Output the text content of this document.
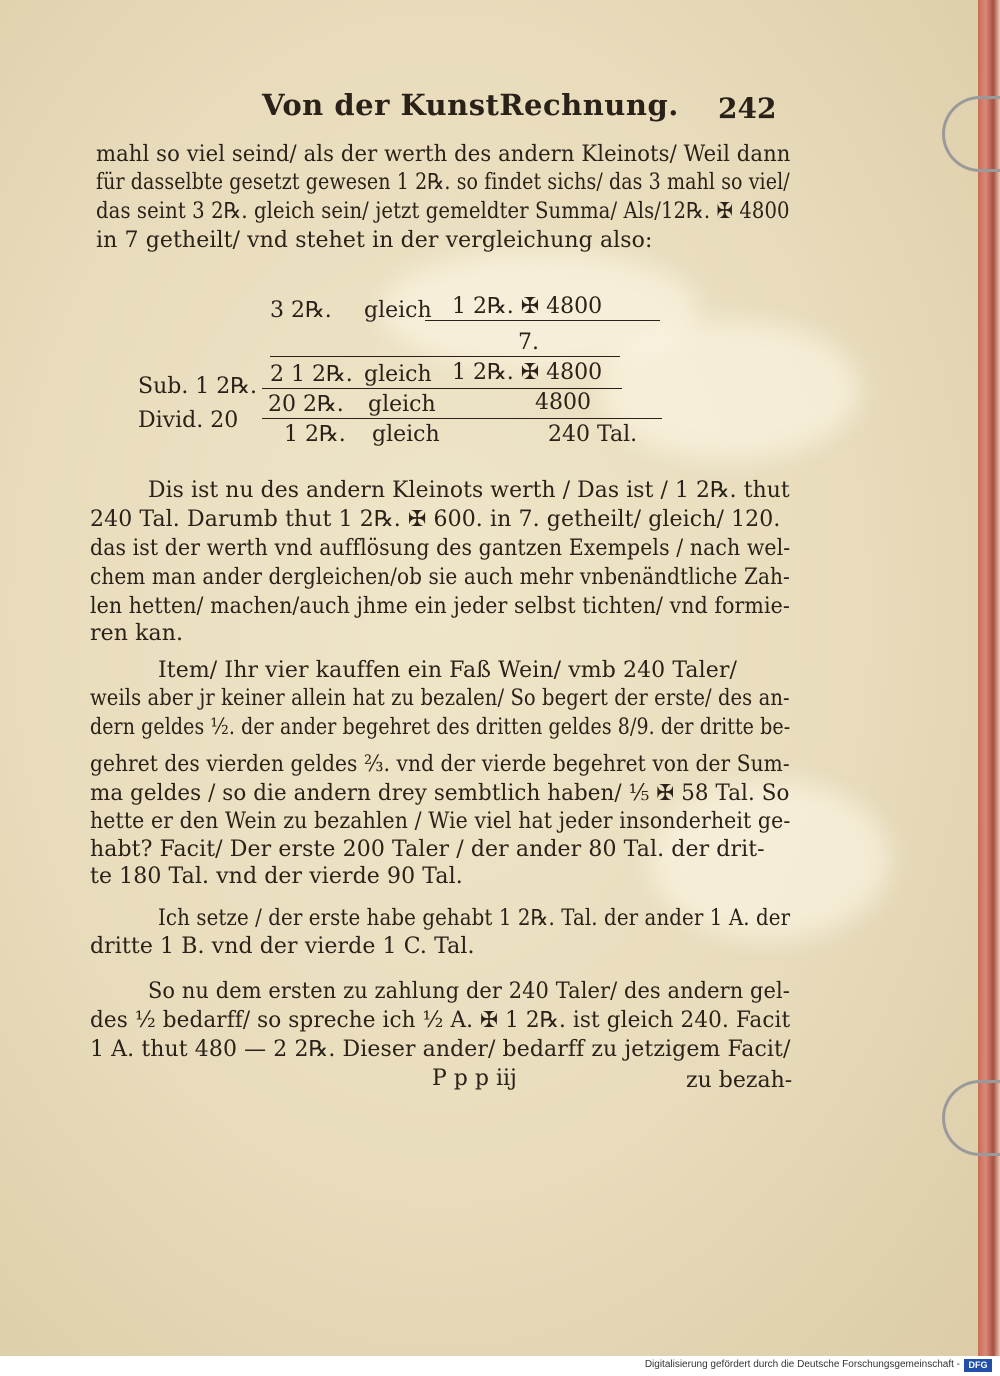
Von der KunstRechnung. 242
mahl so viel seind/ als der werth des andern Kleinots/ Weil dann
für dasselbte gesetzt gewesen 1 2℞. so findet sichs/ das 3 mahl so viel/
das seint 3 2℞. gleich sein/ jetzt gemeldter Summa/ Als/12℞. ✠ 4800
in 7 getheilt/ vnd stehet in der vergleichung also:
3 2℞. gleich 1 2℞. ✠ 4800
7.
2 1 2℞. gleich 1 2℞. ✠ 4800
Sub. 1 2℞.
20 2℞. gleich	4800
Divid. 20
1 2℞. gleich	240 Tal.
Dis ist nu des andern Kleinots werth / Das ist / 1 2℞. thut
240 Tal. Darumb thut 1 2℞. ✠ 600. in 7. getheilt/ gleich/ 120.
das ist der werth vnd aufflösung des gantzen Exempels / nach wel-
chem man ander dergleichen/ob sie auch mehr vnbenändtliche Zah-
len hetten/ machen/auch jhme ein jeder selbst tichten/ vnd formie-
ren kan.
Item/ Ihr vier kauffen ein Faß Wein/ vmb 240 Taler/
weils aber jr keiner allein hat zu bezalen/ So begert der erste/ des an-
dern geldes ½. der ander begehret des dritten geldes 8/9. der dritte be-
gehret des vierden geldes ⅔. vnd der vierde begehret von der Sum-
ma geldes / so die andern drey sembtlich haben/ ⅕ ✠ 58 Tal. So
hette er den Wein zu bezahlen / Wie viel hat jeder insonderheit ge-
habt? Facit/ Der erste 200 Taler / der ander 80 Tal. der drit-
te 180 Tal. vnd der vierde 90 Tal.
Ich setze / der erste habe gehabt 1 2℞. Tal. der ander 1 A. der
dritte 1 B. vnd der vierde 1 C. Tal.
So nu dem ersten zu zahlung der 240 Taler/ des andern gel-
des ½ bedarff/ so spreche ich ½ A. ✠ 1 2℞. ist gleich 240. Facit
1 A. thut 480 — 2 2℞. Dieser ander/ bedarff zu jetzigem Facit/
P p p iij	zu bezah-
Digitalisierung gefördert durch die Deutsche Forschungsgemeinschaft - DFG
